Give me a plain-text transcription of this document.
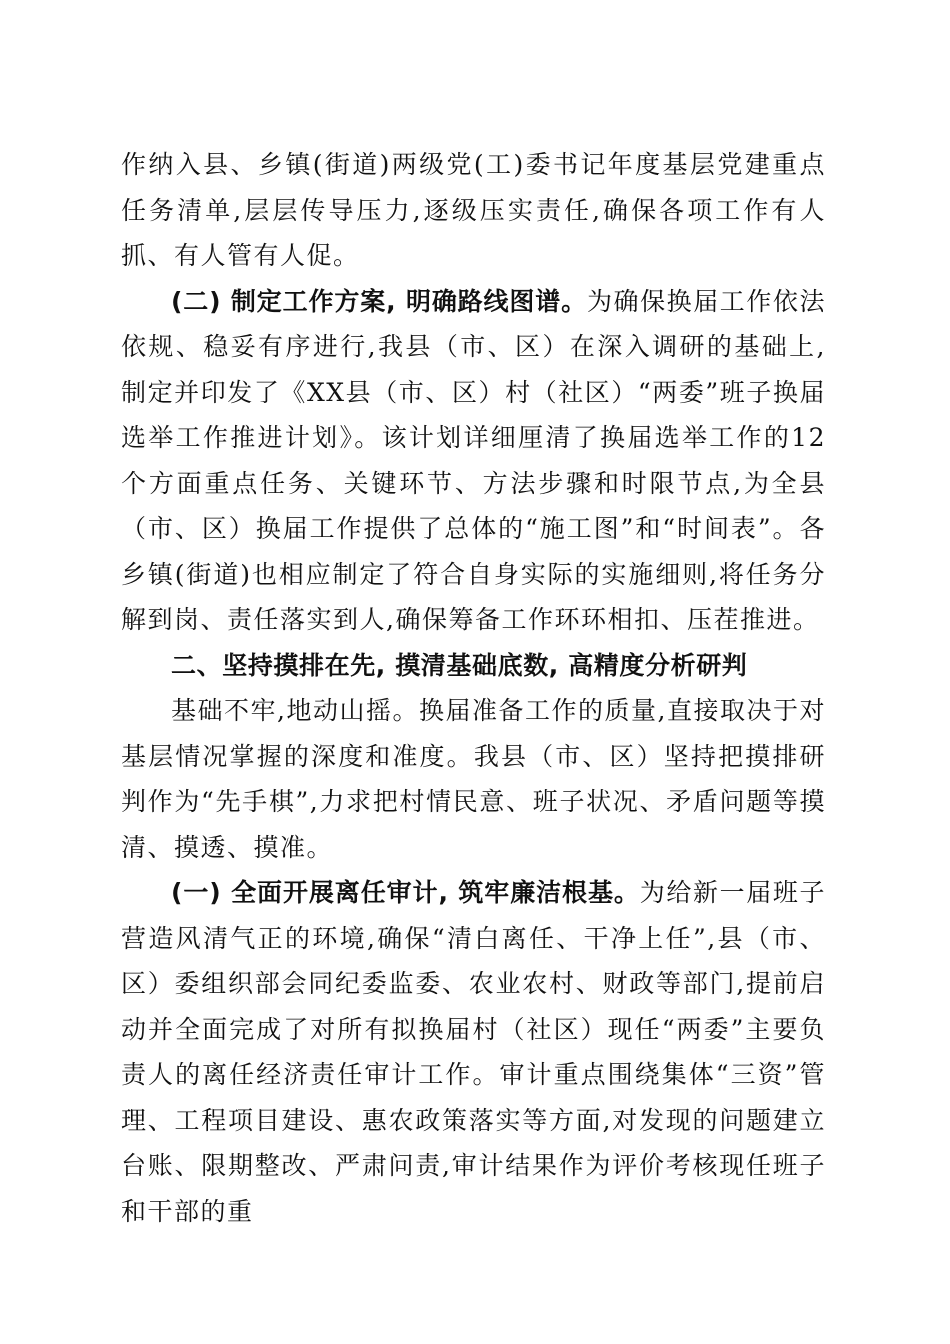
作纳入县、乡镇(街道)两级党(工)委书记年度基层党建重点任务清单,层层传导压力,逐级压实责任,确保各项工作有人抓、有人管有人促。

(二) 制定工作方案, 明确路线图谱。为确保换届工作依法依规、稳妥有序进行,我县（市、区）在深入调研的基础上,制定并印发了《XX县（市、区）村（社区）“两委”班子换届选举工作推进计划》。该计划详细厘清了换届选举工作的12个方面重点任务、关键环节、方法步骤和时限节点,为全县（市、区）换届工作提供了总体的“施工图”和“时间表”。各乡镇(街道)也相应制定了符合自身实际的实施细则,将任务分解到岗、责任落实到人,确保筹备工作环环相扣、压茬推进。

二、坚持摸排在先, 摸清基础底数, 高精度分析研判

基础不牢,地动山摇。换届准备工作的质量,直接取决于对基层情况掌握的深度和准度。我县（市、区）坚持把摸排研判作为“先手棋”,力求把村情民意、班子状况、矛盾问题等摸清、摸透、摸准。

(一) 全面开展离任审计, 筑牢廉洁根基。为给新一届班子营造风清气正的环境,确保“清白离任、干净上任”,县（市、区）委组织部会同纪委监委、农业农村、财政等部门,提前启动并全面完成了对所有拟换届村（社区）现任“两委”主要负责人的离任经济责任审计工作。审计重点围绕集体“三资”管理、工程项目建设、惠农政策落实等方面,对发现的问题建立台账、限期整改、严肃问责,审计结果作为评价考核现任班子和干部的重
